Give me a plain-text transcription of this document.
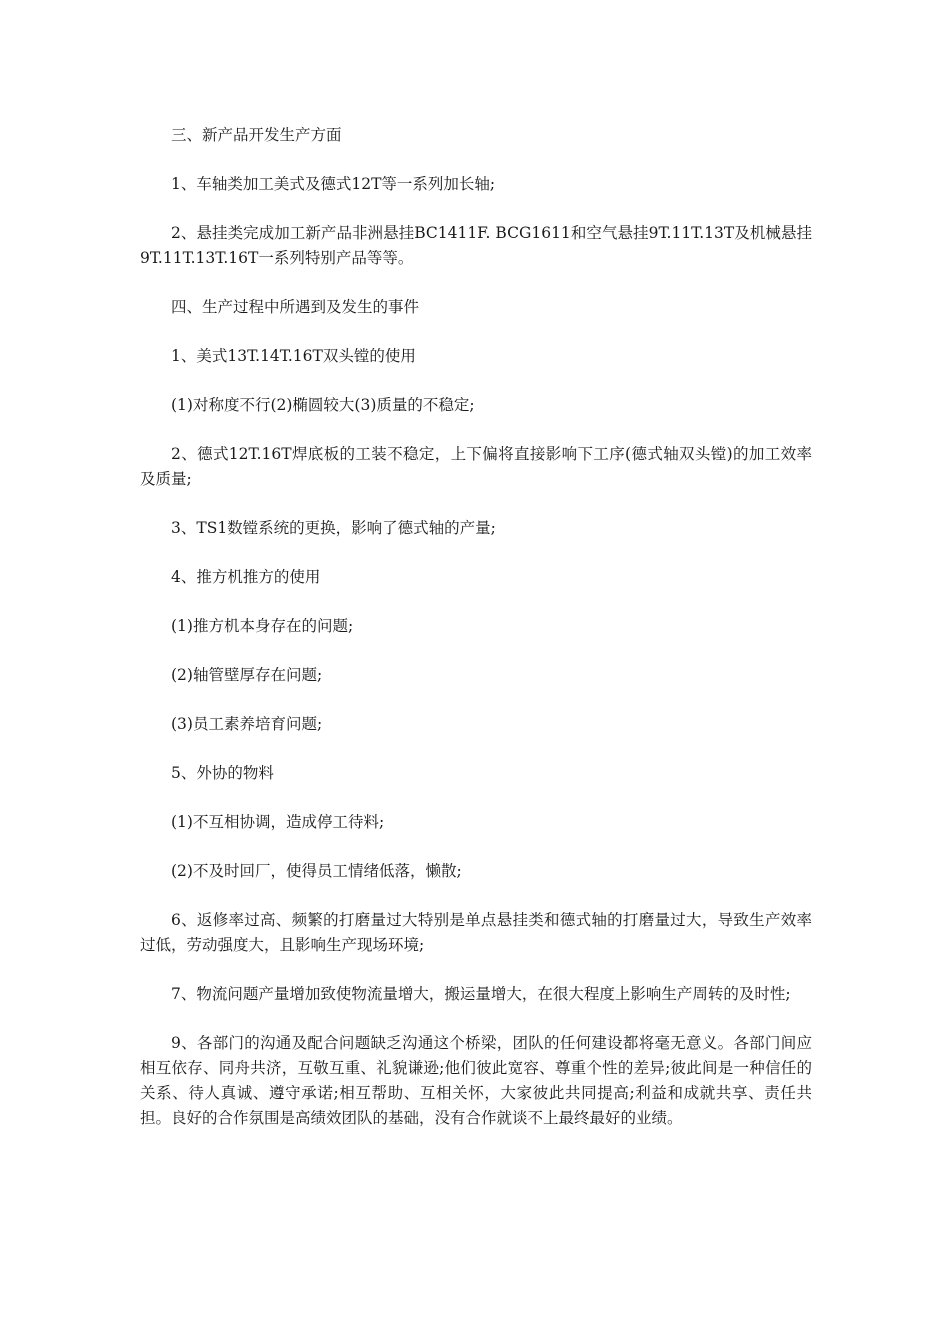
三、新产品开发生产方面

1、车轴类加工美式及德式12T等一系列加长轴;

2、悬挂类完成加工新产品非洲悬挂BC1411F. BCG1611和空气悬挂9T.11T.13T及机械悬挂9T.11T.13T.16T一系列特别产品等等。

四、生产过程中所遇到及发生的事件

1、美式13T.14T.16T双头镗的使用

(1)对称度不行(2)椭圆较大(3)质量的不稳定;

2、德式12T.16T焊底板的工装不稳定，上下偏将直接影响下工序(德式轴双头镗)的加工效率及质量;

3、TS1数镗系统的更换，影响了德式轴的产量;

4、推方机推方的使用

(1)推方机本身存在的问题;

(2)轴管壁厚存在问题;

(3)员工素养培育问题;

5、外协的物料

(1)不互相协调，造成停工待料;

(2)不及时回厂，使得员工情绪低落，懒散;

6、返修率过高、频繁的打磨量过大特别是单点悬挂类和德式轴的打磨量过大，导致生产效率过低，劳动强度大，且影响生产现场环境;

7、物流问题产量增加致使物流量增大，搬运量增大，在很大程度上影响生产周转的及时性;

9、各部门的沟通及配合问题缺乏沟通这个桥梁，团队的任何建设都将毫无意义。各部门间应相互依存、同舟共济，互敬互重、礼貌谦逊;他们彼此宽容、尊重个性的差异;彼此间是一种信任的关系、待人真诚、遵守承诺;相互帮助、互相关怀，大家彼此共同提高;利益和成就共享、责任共担。良好的合作氛围是高绩效团队的基础，没有合作就谈不上最终最好的业绩。
